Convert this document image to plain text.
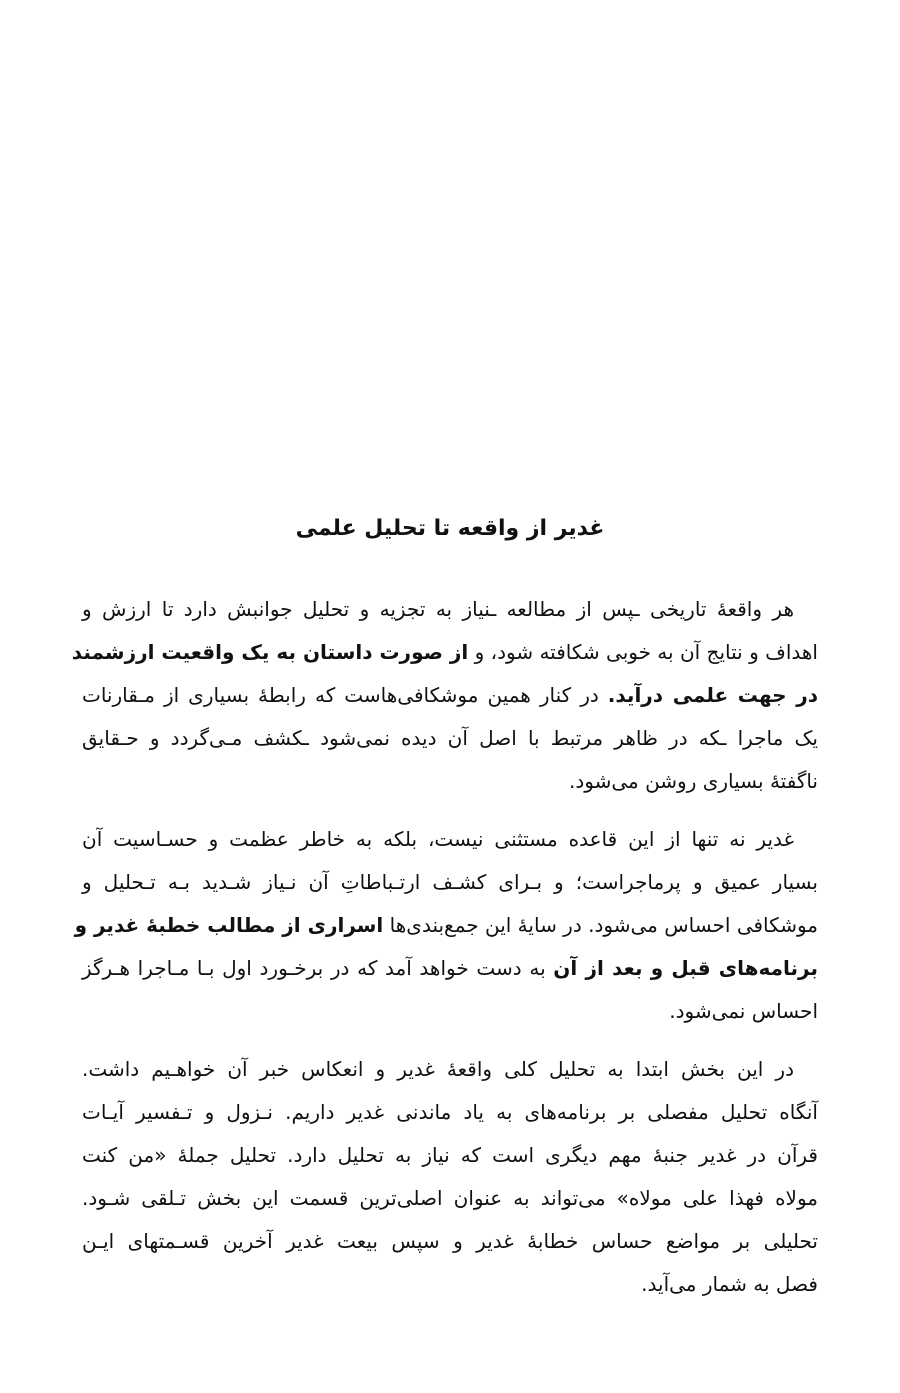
غدیر از واقعه تا تحلیل علمی

هر واقعهٔ تاریخی ـپس از مطالعه ـنیاز به تجزیه و تحلیل جوانبش دارد تا ارزش و
اهداف و نتایج آن به خوبی شکافته شود، و از صورت داستان به یک واقعیت ارزشمند
در جهت علمی درآید. در کنار همین موشکافی‌هاست که رابطهٔ بسیاری از مـقارنات
یک ماجرا ـکه در ظاهر مرتبط با اصل آن دیده نمی‌شود ـکشف مـی‌گردد و حـقایق
ناگفتهٔ بسیاری روشن می‌شود.

غدیر نه تنها از این قاعده مستثنی نیست، بلکه به خاطر عظمت و حسـاسیت آن
بسیار عمیق و پرماجراست؛ و بـرای کشـف ارتـباطاتِ آن نـیاز شـدید بـه تـحلیل و
موشکافی احساس می‌شود. در سایهٔ این جمع‌بندی‌ها اسراری از مطالب خطبهٔ غدیر و
برنامه‌های قبل و بعد از آن به دست خواهد آمد که در برخـورد اول بـا مـاجرا هـرگز
احساس نمی‌شود.

در این بخش ابتدا به تحلیل کلی واقعهٔ غدیر و انعکاس خبر آن خواهـیم داشت.
آنگاه تحلیل مفصلی بر برنامه‌های به یاد ماندنی غدیر داریم. نـزول و تـفسیر آیـات
قرآن در غدیر جنبهٔ مهم دیگری است که نیاز به تحلیل دارد. تحلیل جملهٔ «من کنت
مولاه فهذا علی مولاه» می‌تواند به عنوان اصلی‌ترین قسمت این بخش تـلقی شـود.
تحلیلی بر مواضع حساس خطابهٔ غدیر و سپس بیعت غدیر آخرین قسـمتهای ایـن
فصل به شمار می‌آید.
